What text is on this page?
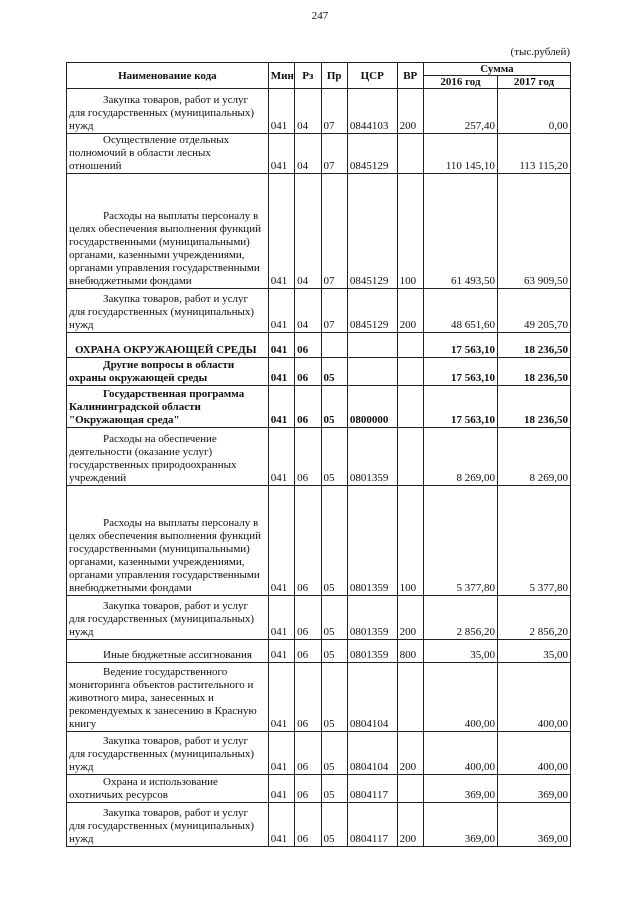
247
(тыс.рублей)
Наименование кода	Мин	Рз	Пр	ЦСР	ВР	Сумма	
						2016 год	2017 год

Закупка товаров, работ и услуг для государственных (муниципальных) нужд	041	04	07	0844103	200	257,40	0,00

Осуществление отдельных полномочий в области лесных отношений	041	04	07	0845129		110 145,10	113 115,20

Расходы на выплаты персоналу в целях обеспечения выполнения функций государственными (муниципальными) органами, казенными учреждениями, органами управления государственными внебюджетными фондами	041	04	07	0845129	100	61 493,50	63 909,50

Закупка товаров, работ и услуг для государственных (муниципальных) нужд	041	04	07	0845129	200	48 651,60	49 205,70
ОХРАНА ОКРУЖАЮЩЕЙ СРЕДЫ	041	06				17 563,10	18 236,50

Другие вопросы в области охраны окружающей среды	041	06	05			17 563,10	18 236,50

Государственная программа Калининградской области "Окружающая среда"	041	06	05	0800000		17 563,10	18 236,50

Расходы на обеспечение деятельности (оказание услуг) государственных природоохранных учреждений	041	06	05	0801359		8 269,00	8 269,00

Расходы на выплаты персоналу в целях обеспечения выполнения функций государственными (муниципальными) органами, казенными учреждениями, органами управления государственными внебюджетными фондами	041	06	05	0801359	100	5 377,80	5 377,80

Закупка товаров, работ и услуг для государственных (муниципальных) нужд	041	06	05	0801359	200	2 856,20	2 856,20

Иные бюджетные ассигнования	041	06	05	0801359	800	35,00	35,00

Ведение государственного мониторинга объектов растительного и животного мира, занесенных и рекомендуемых к занесению в Красную книгу	041	06	05	0804104		400,00	400,00

Закупка товаров, работ и услуг для государственных (муниципальных) нужд	041	06	05	0804104	200	400,00	400,00

Охрана и использование охотничьих ресурсов	041	06	05	0804117		369,00	369,00

Закупка товаров, работ и услуг для государственных (муниципальных) нужд	041	06	05	0804117	200	369,00	369,00
